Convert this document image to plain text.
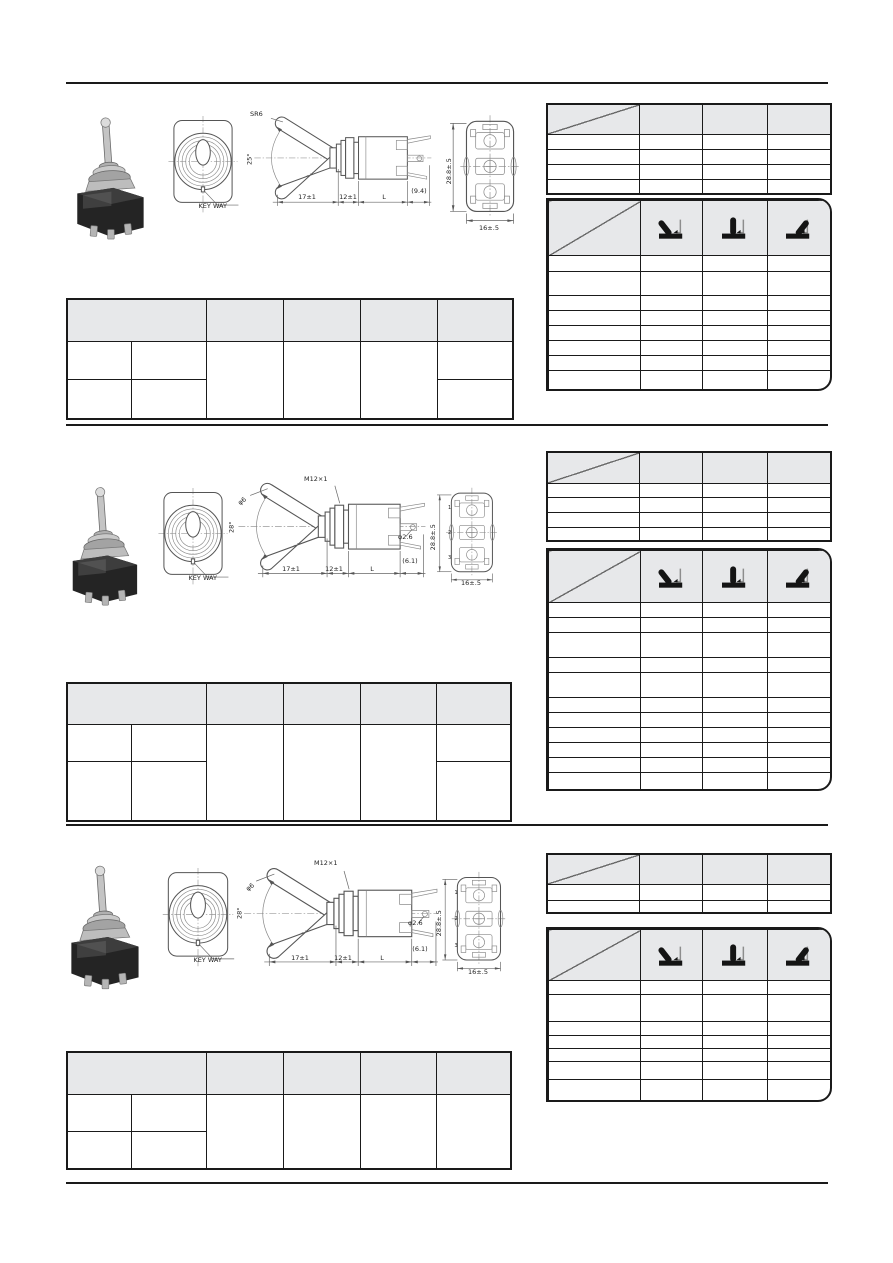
KEY WAY
SR6
25°
17±1	12±1	L
(9.4)
28.8±.5
16±.5

KEY WAY
M12×1
φ6
28°
φ2.6
17±1	12±1	L
(6.1)
28.8±.5
16±.5
1
2
3

KEY WAY
M12×1
φ6
28°
φ2.6
17±1	12±1	L
(6.1)
28.8±.5
16±.5
1
2
3
